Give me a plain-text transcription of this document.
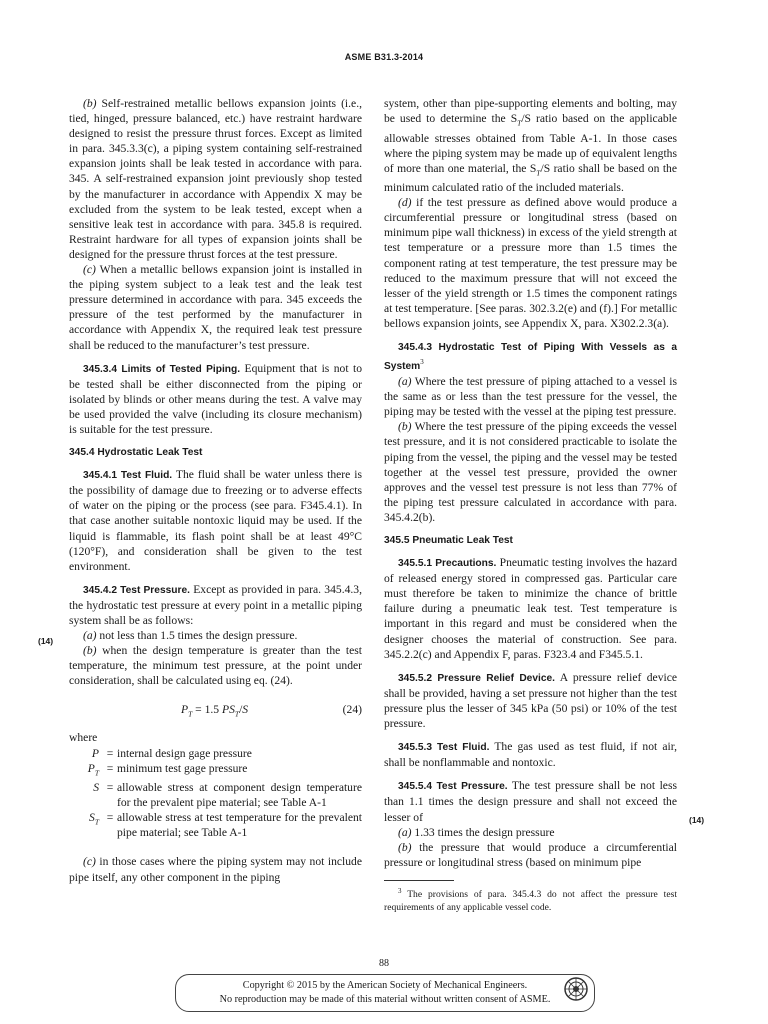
ASME B31.3-2014

(b) Self-restrained metallic bellows expansion joints (i.e., tied, hinged, pressure balanced, etc.) have restraint hardware designed to resist the pressure thrust forces. Except as limited in para. 345.3.3(c), a piping system containing self-restrained expansion joints shall be leak tested in accordance with para. 345. A self-restrained expansion joint previously shop tested by the manufacturer in accordance with Appendix X may be excluded from the system to be leak tested, except when a sensitive leak test in accordance with para. 345.8 is required. Restraint hardware for all types of expansion joints shall be designed for the pressure thrust forces at the test pressure.

(c) When a metallic bellows expansion joint is installed in the piping system subject to a leak test and the leak test pressure determined in accordance with para. 345 exceeds the pressure of the test performed by the manufacturer in accordance with Appendix X, the required leak test pressure shall be reduced to the manufacturer’s test pressure.

345.3.4 Limits of Tested Piping. Equipment that is not to be tested shall be either disconnected from the piping or isolated by blinds or other means during the test. A valve may be used provided the valve (including its closure mechanism) is suitable for the test pressure.

345.4 Hydrostatic Leak Test

345.4.1 Test Fluid. The fluid shall be water unless there is the possibility of damage due to freezing or to adverse effects of water on the piping or the process (see para. F345.4.1). In that case another suitable nontoxic liquid may be used. If the liquid is flammable, its flash point shall be at least 49°C (120°F), and consideration shall be given to the test environment.

345.4.2 Test Pressure. Except as provided in para. 345.4.3, the hydrostatic test pressure at every point in a metallic piping system shall be as follows:

(a) not less than 1.5 times the design pressure.

(b) when the design temperature is greater than the test temperature, the minimum test pressure, at the point under consideration, shall be calculated using eq. (24).

$P_T = 1.5$ $PS_T/S$	(24)

where

P	=	internal design gage pressure
$P_T$	=	minimum test gage pressure
S	=	allowable stress at component design temperature for the prevalent pipe material; see Table A-1
$S_T$	=	allowable stress at test temperature for the prevalent pipe material; see Table A-1

(c) in those cases where the piping system may not include pipe itself, any other component in the piping

(14)

system, other than pipe-supporting elements and bolting, may be used to determine the $S_T/S$ ratio based on the applicable allowable stresses obtained from Table A-1. In those cases where the piping system may be made up of equivalent lengths of more than one material, the $S_T/S$ ratio shall be based on the minimum calculated ratio of the included materials.

(d) if the test pressure as defined above would produce a circumferential pressure or longitudinal stress (based on minimum pipe wall thickness) in excess of the yield strength at test temperature or a pressure more than 1.5 times the component rating at test temperature, the test pressure may be reduced to the maximum pressure that will not exceed the lesser of the yield strength or 1.5 times the component ratings at test temperature. [See paras. 302.3.2(e) and (f).] For metallic bellows expansion joints, see Appendix X, para. X302.2.3(a).

345.4.3 Hydrostatic Test of Piping With Vessels as a System$^3$

(a) Where the test pressure of piping attached to a vessel is the same as or less than the test pressure for the vessel, the piping may be tested with the vessel at the piping test pressure.

(b) Where the test pressure of the piping exceeds the vessel test pressure, and it is not considered practicable to isolate the piping from the vessel, the piping and the vessel may be tested together at the vessel test pressure, provided the owner approves and the vessel test pressure is not less than 77% of the piping test pressure calculated in accordance with para. 345.4.2(b).

345.5 Pneumatic Leak Test

345.5.1 Precautions. Pneumatic testing involves the hazard of released energy stored in compressed gas. Particular care must therefore be taken to minimize the chance of brittle failure during a pneumatic leak test. Test temperature is important in this regard and must be considered when the designer chooses the material of construction. See para. 345.2.2(c) and Appendix F, paras. F323.4 and F345.5.1.

345.5.2 Pressure Relief Device. A pressure relief device shall be provided, having a set pressure not higher than the test pressure plus the lesser of 345 kPa (50 psi) or 10% of the test pressure.

345.5.3 Test Fluid. The gas used as test fluid, if not air, shall be nonflammable and nontoxic.

345.5.4 Test Pressure. The test pressure shall be not less than 1.1 times the design pressure and shall not exceed the lesser of

(a) 1.33 times the design pressure

(b) the pressure that would produce a circumferential pressure or longitudinal stress (based on minimum pipe

$^3$ The provisions of para. 345.4.3 do not affect the pressure test requirements of any applicable vessel code.

(14)
88
Copyright © 2015 by the American Society of Mechanical Engineers.
No reproduction may be made of this material without written consent of ASME.
